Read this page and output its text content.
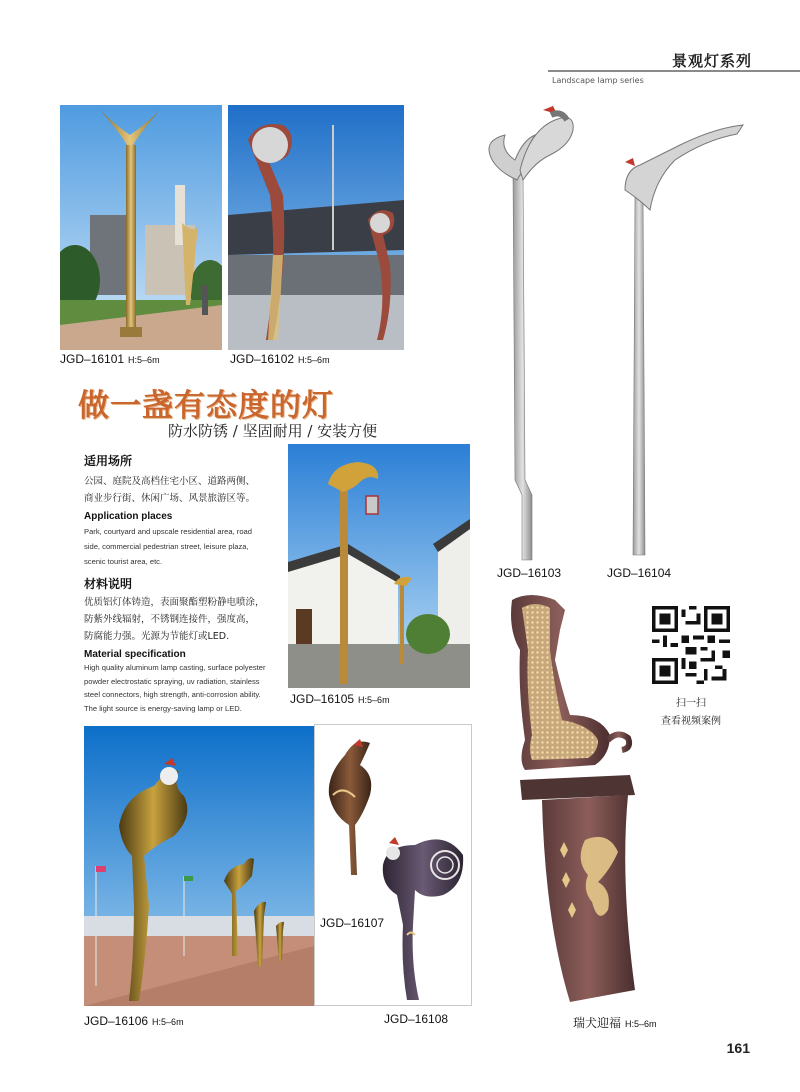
景观灯系列
Landscape lamp series
JGD–16101 H:5–6m	JGD–16102 H:5–6m
JGD–16103	JGD–16104
做一盏有态度的灯
防水防锈 / 坚固耐用 / 安装方便
适用场所
公园、庭院及高档住宅小区、道路两侧、
商业步行街、休闲广场、风景旅游区等。
Application places
Park, courtyard and upscale residential area, road
side, commercial pedestrian street, leisure plaza,
scenic tourist area, etc.
材料说明
优质铝灯体铸造，表面聚酯塑粉静电喷涂，
防紫外线辐射，不锈钢连接件，强度高，
防腐能力强。光源为节能灯或LED.
Material specification
High quality aluminum lamp casting, surface polyester
powder electrostatic spraying, uv radiation, stainless
steel connectors, high strength, anti-corrosion ability.
The light source is energy-saving lamp or LED.
JGD–16105 H:5–6m	扫一扫
查看视频案例
JGD–16107
JGD–16106 H:5–6m	JGD–16108	瑞犬迎福 H:5–6m
161
